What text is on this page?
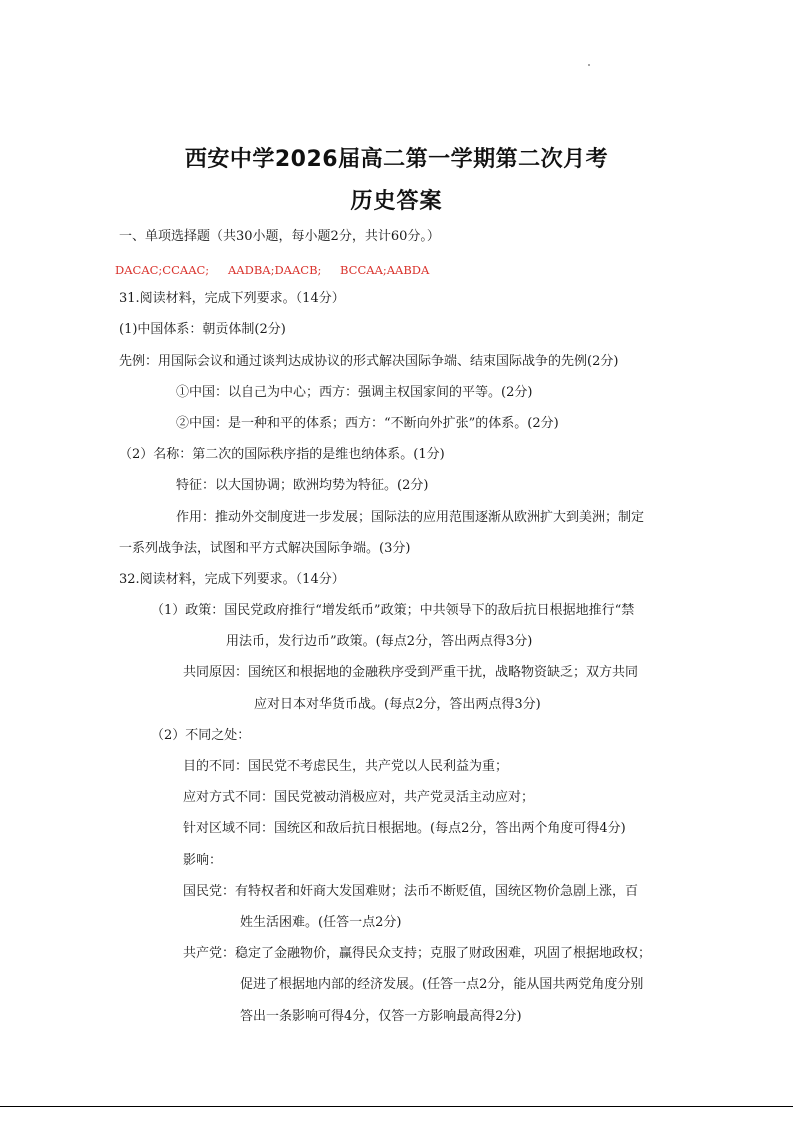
西安中学2026届高二第一学期第二次月考
历史答案
一、单项选择题（共30小题，每小题2分，共计60分。）
DACAC;CCAAC; AADBA;DAACB; BCCAA;AABDA
31.阅读材料，完成下列要求。（14分）
(1)中国体系：朝贡体制(2分)
先例：用国际会议和通过谈判达成协议的形式解决国际争端、结束国际战争的先例(2分)
①中国：以自己为中心；西方：强调主权国家间的平等。(2分)
②中国：是一种和平的体系；西方：“不断向外扩张”的体系。(2分)
（2）名称：第二次的国际秩序指的是维也纳体系。(1分)
特征：以大国协调；欧洲均势为特征。(2分)
作用：推动外交制度进一步发展；国际法的应用范围逐渐从欧洲扩大到美洲；制定
一系列战争法，试图和平方式解决国际争端。(3分)
32.阅读材料，完成下列要求。（14分）
（1）政策：国民党政府推行“增发纸币”政策；中共领导下的敌后抗日根据地推行“禁
用法币，发行边币”政策。(每点2分，答出两点得3分)
共同原因：国统区和根据地的金融秩序受到严重干扰，战略物资缺乏；双方共同
应对日本对华货币战。(每点2分，答出两点得3分)
（2）不同之处：
目的不同：国民党不考虑民生，共产党以人民利益为重；
应对方式不同：国民党被动消极应对，共产党灵活主动应对；
针对区域不同：国统区和敌后抗日根据地。(每点2分，答出两个角度可得4分)
影响：
国民党：有特权者和奸商大发国难财；法币不断贬值，国统区物价急剧上涨，百
姓生活困难。(任答一点2分)
共产党：稳定了金融物价，赢得民众支持；克服了财政困难，巩固了根据地政权；
促进了根据地内部的经济发展。(任答一点2分，能从国共两党角度分别
答出一条影响可得4分，仅答一方影响最高得2分)
